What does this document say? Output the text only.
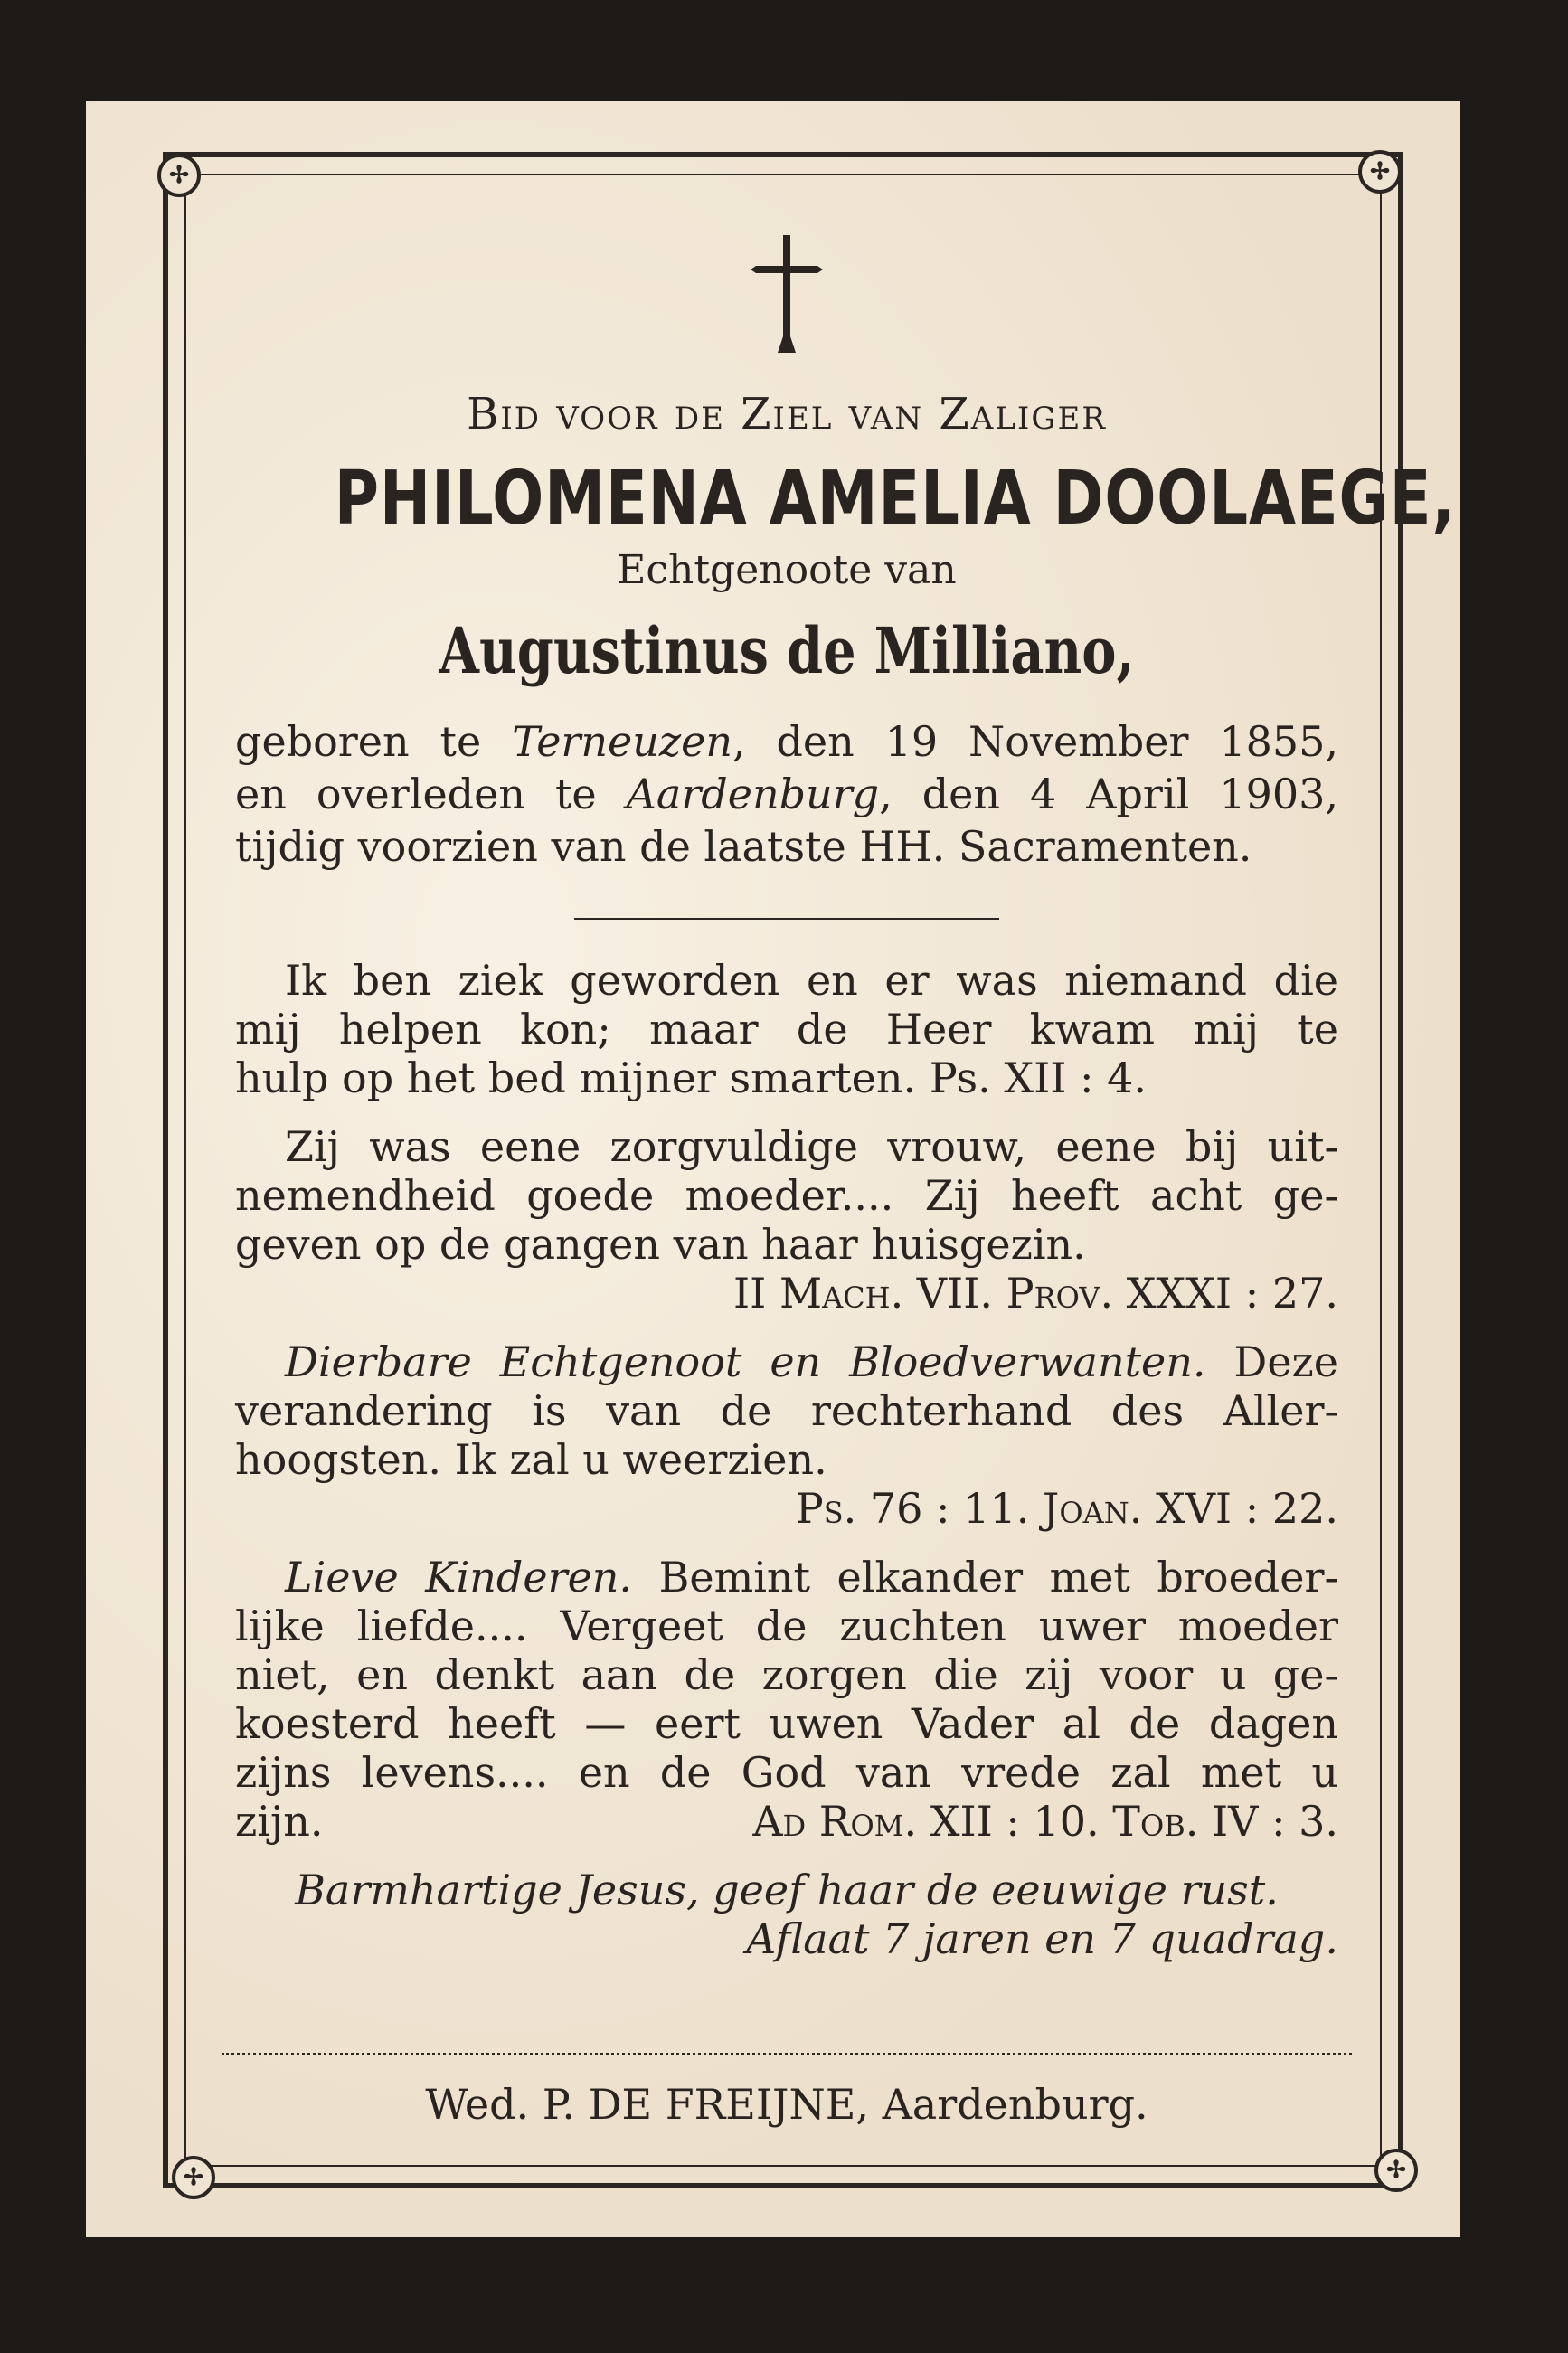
✢	✢
✢	✢
Bid voor de Ziel van Zaliger
PHILOMENA AMELIA DOOLAEGE,
Echtgenoote van
Augustinus de Milliano,
geboren te Terneuzen, den 19 November 1855,
en overleden te Aardenburg, den 4 April 1903,
tijdig voorzien van de laatste HH. Sacramenten.
Ik ben ziek geworden en er was niemand die
mij helpen kon; maar de Heer kwam mij te
hulp op het bed mijner smarten. Ps. XII : 4.
Zij was eene zorgvuldige vrouw, eene bij uit-
nemendheid goede moeder.... Zij heeft acht ge-
geven op de gangen van haar huisgezin.
II Mach. VII. Prov. XXXI : 27.
Dierbare Echtgenoot en Bloedverwanten. Deze
verandering is van de rechterhand des Aller-
hoogsten. Ik zal u weerzien.
Ps. 76 : 11. Joan. XVI : 22.
Lieve Kinderen. Bemint elkander met broeder-
lijke liefde.... Vergeet de zuchten uwer moeder
niet, en denkt aan de zorgen die zij voor u ge-
koesterd heeft — eert uwen Vader al de dagen
zijns levens.... en de God van vrede zal met u
zijn.	Ad Rom. XII : 10. Tob. IV : 3.
Barmhartige Jesus, geef haar de eeuwige rust.
Aflaat 7 jaren en 7 quadrag.
Wed. P. DE FREIJNE, Aardenburg.
